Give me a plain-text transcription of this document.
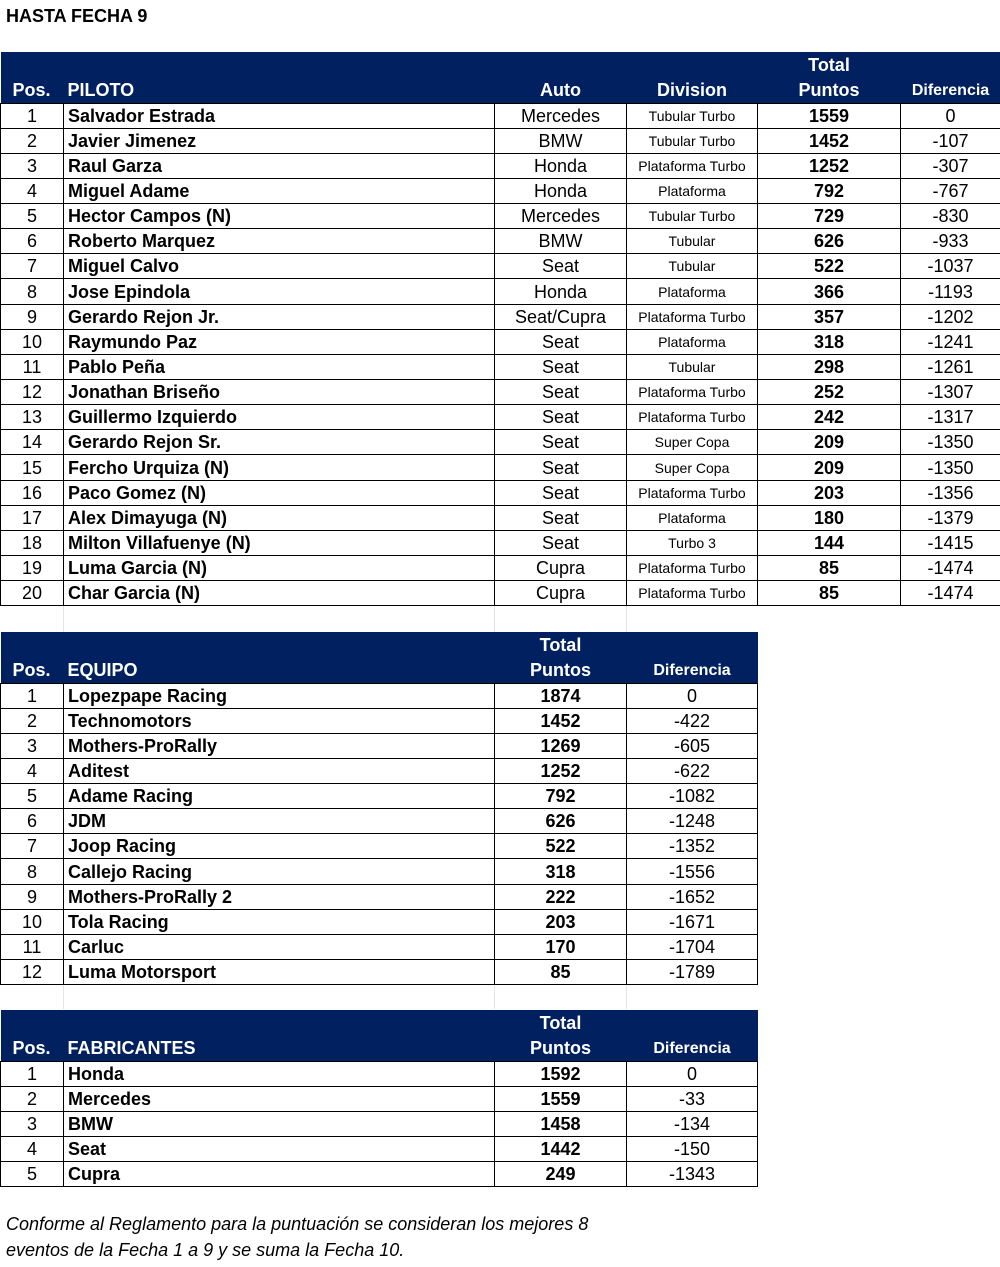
HASTA FECHA 9
Pos.	PILOTO	Auto	Division	Total
Puntos	Diferencia
1	Salvador Estrada	Mercedes	Tubular Turbo	1559	0
2	Javier Jimenez	BMW	Tubular Turbo	1452	-107
3	Raul Garza	Honda	Plataforma Turbo	1252	-307
4	Miguel Adame	Honda	Plataforma	792	-767
5	Hector Campos (N)	Mercedes	Tubular Turbo	729	-830
6	Roberto Marquez	BMW	Tubular	626	-933
7	Miguel Calvo	Seat	Tubular	522	-1037
8	Jose Epindola	Honda	Plataforma	366	-1193
9	Gerardo Rejon Jr.	Seat/Cupra	Plataforma Turbo	357	-1202
10	Raymundo Paz	Seat	Plataforma	318	-1241
11	Pablo Peña	Seat	Tubular	298	-1261
12	Jonathan Briseño	Seat	Plataforma Turbo	252	-1307
13	Guillermo Izquierdo	Seat	Plataforma Turbo	242	-1317
14	Gerardo Rejon Sr.	Seat	Super Copa	209	-1350
15	Fercho Urquiza (N)	Seat	Super Copa	209	-1350
16	Paco Gomez (N)	Seat	Plataforma Turbo	203	-1356
17	Alex Dimayuga (N)	Seat	Plataforma	180	-1379
18	Milton Villafuenye (N)	Seat	Turbo 3	144	-1415
19	Luma Garcia (N)	Cupra	Plataforma Turbo	85	-1474
20	Char Garcia (N)	Cupra	Plataforma Turbo	85	-1474
Pos.	EQUIPO	Total
Puntos	Diferencia
1	Lopezpape Racing	1874	0
2	Technomotors	1452	-422
3	Mothers-ProRally	1269	-605
4	Aditest	1252	-622
5	Adame Racing	792	-1082
6	JDM	626	-1248
7	Joop Racing	522	-1352
8	Callejo Racing	318	-1556
9	Mothers-ProRally 2	222	-1652
10	Tola Racing	203	-1671
11	Carluc	170	-1704
12	Luma Motorsport	85	-1789
Pos.	FABRICANTES	Total
Puntos	Diferencia
1	Honda	1592	0
2	Mercedes	1559	-33
3	BMW	1458	-134
4	Seat	1442	-150
5	Cupra	249	-1343
Conforme al Reglamento para la puntuación se consideran los mejores 8
eventos de la Fecha 1 a 9 y se suma la Fecha 10.
